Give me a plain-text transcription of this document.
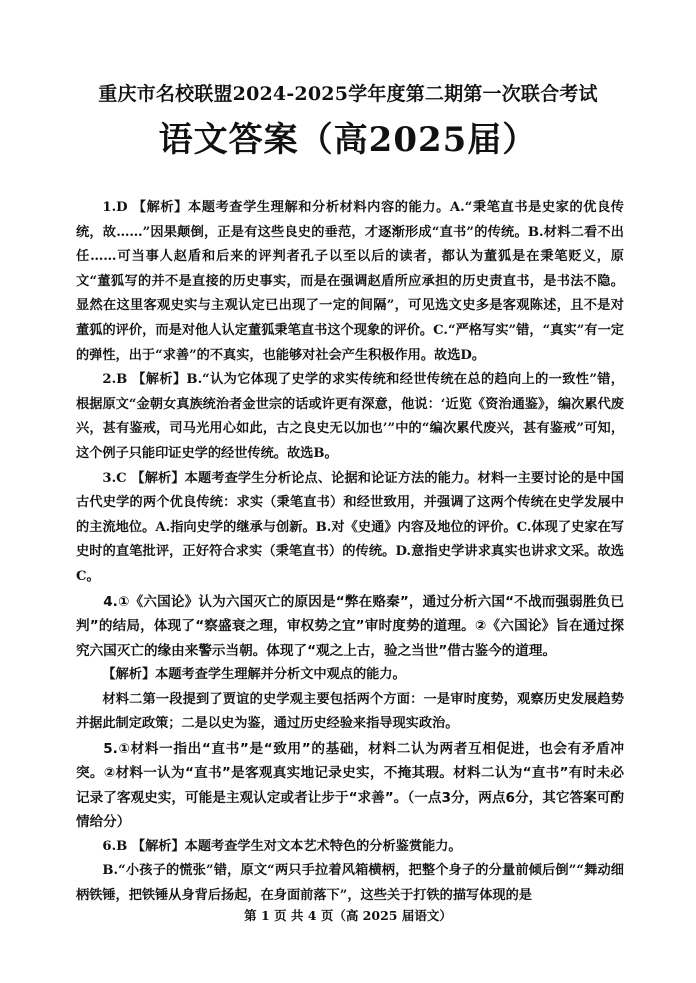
重庆市名校联盟2024-2025学年度第二期第一次联合考试
语文答案（高2025届）

1.D 【解析】本题考查学生理解和分析材料内容的能力。A.“秉笔直书是史家的优良传统，故……”因果颠倒，正是有这些良史的垂范，才逐渐形成“直书”的传统。B.材料二看不出任……可当事人赵盾和后来的评判者孔子以至以后的读者，都认为董狐是在秉笔贬义，原文“董狐写的并不是直接的历史事实，而是在强调赵盾所应承担的历史责直书，是书法不隐。显然在这里客观史实与主观认定已出现了一定的间隔”，可见选文史多是客观陈述，且不是对董狐的评价，而是对他人认定董狐秉笔直书这个现象的评价。C.“严格写实”错，“真实”有一定的弹性，出于“求善”的不真实，也能够对社会产生积极作用。故选D。

2.B 【解析】B.“认为它体现了史学的求实传统和经世传统在总的趋向上的一致性”错，根据原文“金朝女真族统治者金世宗的话或许更有深意，他说：‘近览《资治通鉴》，编次累代废兴，甚有鉴戒，司马光用心如此，古之良史无以加也’”中的“编次累代废兴，甚有鉴戒”可知，这个例子只能印证史学的经世传统。故选B。

3.C 【解析】本题考查学生分析论点、论据和论证方法的能力。材料一主要讨论的是中国古代史学的两个优良传统：求实（秉笔直书）和经世致用，并强调了这两个传统在史学发展中的主流地位。A.指向史学的继承与创新。B.对《史通》内容及地位的评价。C.体现了史家在写史时的直笔批评，正好符合求实（秉笔直书）的传统。D.意指史学讲求真实也讲求文采。故选C。

4.①《六国论》认为六国灭亡的原因是“弊在赂秦”，通过分析六国“不战而强弱胜负已判”的结局，体现了“察盛衰之理，审权势之宜”审时度势的道理。②《六国论》旨在通过探究六国灭亡的缘由来警示当朝。体现了“观之上古，验之当世”借古鉴今的道理。

【解析】本题考查学生理解并分析文中观点的能力。

材料二第一段提到了贾谊的史学观主要包括两个方面：一是审时度势，观察历史发展趋势并据此制定政策；二是以史为鉴，通过历史经验来指导现实政治。

5.①材料一指出“直书”是“致用”的基础，材料二认为两者互相促进，也会有矛盾冲突。②材料一认为“直书”是客观真实地记录史实，不掩其瑕。材料二认为“直书”有时未必记录了客观史实，可能是主观认定或者让步于“求善”。（一点3分，两点6分，其它答案可酌情给分）

6.B 【解析】本题考查学生对文本艺术特色的分析鉴赏能力。

B.“小孩子的慌张”错，原文“两只手拉着风箱横柄，把整个身子的分量前倾后倒”“舞动细柄铁锤，把铁锤从身背后扬起，在身面前落下”，这些关于打铁的描写体现的是

第 1 页 共 4 页（高 2025 届语文）
